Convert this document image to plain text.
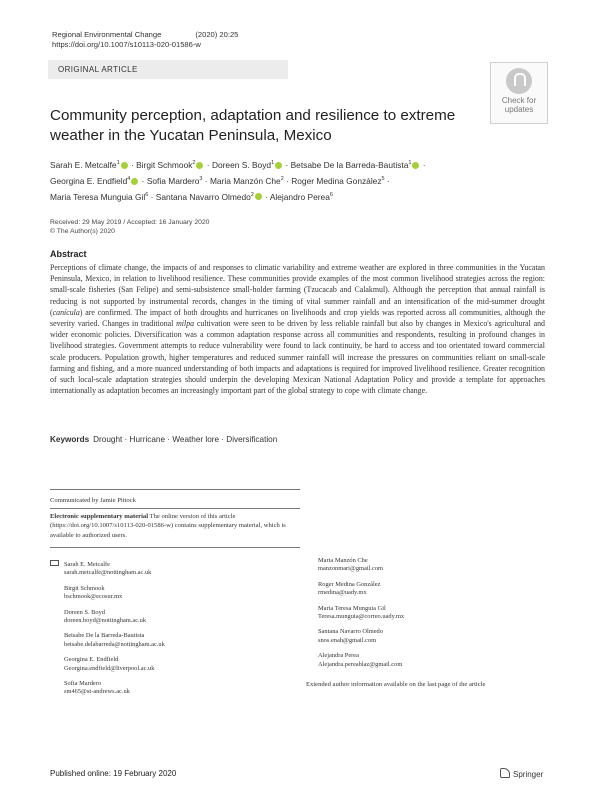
Regional Environmental Change	(2020) 20:25
https://doi.org/10.1007/s10113-020-01586-w
ORIGINAL ARTICLE
Check for
updates
Community perception, adaptation and resilience to extreme
weather in the Yucatan Peninsula, Mexico
Sarah E. Metcalfe$^1$ · Birgit Schmook$^2$ · Doreen S. Boyd$^1$ · Betsabe De la Barreda-Bautista$^1$ ·
Georgina E. Endfield$^4$ · Sofia Mardero$^3$ · Maria Manzón Che$^2$ · Roger Medina González$^5$ ·
Maria Teresa Munguia Gil$^6$ · Santana Navarro Olmedo$^2$ · Alejandro Perea$^6$
Received: 29 May 2019 / Accepted: 16 January 2020
© The Author(s) 2020
Abstract
Perceptions of climate change, the impacts of and responses to climatic variability and extreme weather are explored in three communities in the Yucatan Peninsula, Mexico, in relation to livelihood resilience. These communities provide examples of the most common livelihood strategies across the region: small-scale fisheries (San Felipe) and semi-subsistence small-holder farming (Tzucacab and Calakmul). Although the perception that annual rainfall is reducing is not supported by instrumental records, changes in the timing of vital summer rainfall and an intensification of the mid-summer drought (canícula) are confirmed. The impact of both droughts and hurricanes on livelihoods and crop yields was reported across all communities, although the severity varied. Changes in traditional milpa cultivation were seen to be driven by less reliable rainfall but also by changes in Mexico's agricultural and wider economic policies. Diversification was a common adaptation response across all communities and respondents, resulting in profound changes in livelihood strategies. Government attempts to reduce vulnerability were found to lack continuity, be hard to access and too orientated toward commercial scale producers. Population growth, higher temperatures and reduced summer rainfall will increase the pressures on communities reliant on small-scale farming and fishing, and a more nuanced understanding of both impacts and adaptations is required for improved livelihood resilience. Greater recognition of such local-scale adaptation strategies should underpin the developing Mexican National Adaptation Policy and provide a template for approaches internationally as adaptation becomes an increasingly important part of the global strategy to cope with climate change.
Keywords Drought · Hurricane · Weather lore · Diversification
Communicated by Jamie Pittock
Electronic supplementary material The online version of this article (https://doi.org/10.1007/s10113-020-01586-w) contains supplementary material, which is available to authorized users.
Sarah E. Metcalfe
sarah.metcalfe@nottingham.ac.uk
Birgit Schmook
bschmook@ecosur.mx
Doreen S. Boyd
doreen.boyd@nottingham.ac.uk
Betsabe De la Barreda-Bautista
betsabe.delabarreda@nottingham.ac.uk
Georgina E. Endfield
Georgina.endfield@liverpool.ac.uk
Sofia Mardero
sm465@st-andrews.ac.uk
Maria Manzón Che
manzonmari@gmail.com
Roger Medina González
rmedina@uady.mx
Maria Teresa Munguia Gil
Teresa.munguia@correo.uady.mx
Santana Navarro Olmedo
snos.enah@gmail.com
Alejandra Perea
Alejandra.pereablaz@gmail.com
Extended author information available on the last page of the article
Published online: 19 February 2020	Springer
